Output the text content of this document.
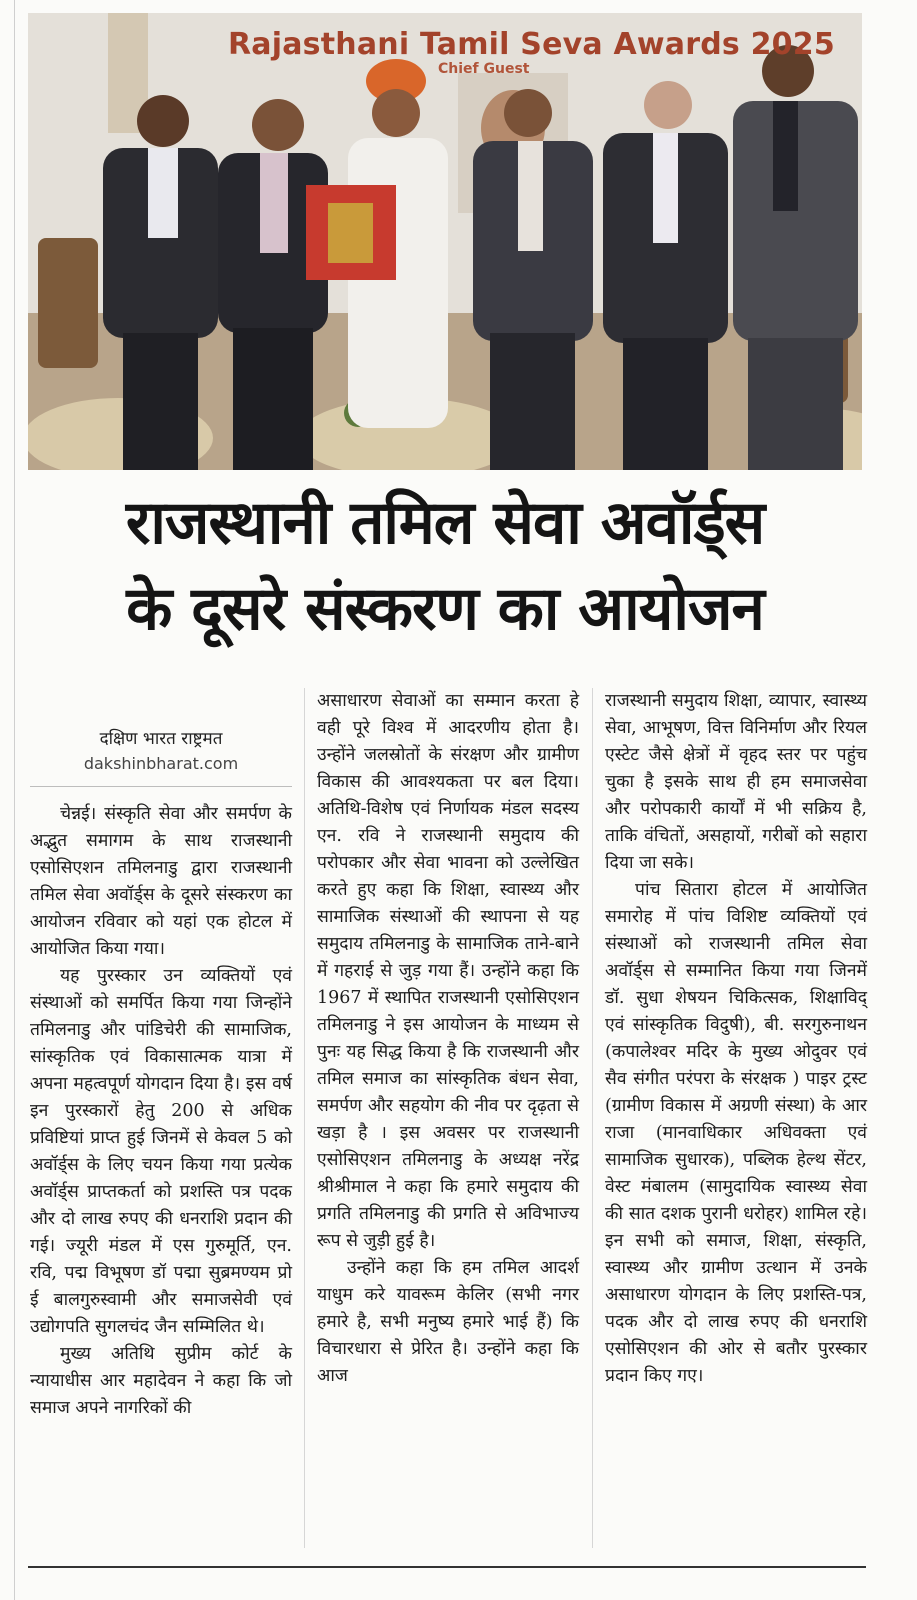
Rajasthani Tamil Seva Awards 2025
Chief Guest
राजस्थानी तमिल सेवा अवॉर्ड्स
के दूसरे संस्करण का आयोजन
दक्षिण भारत राष्ट्रमत
dakshinbharat.com

चेन्नई। संस्कृति सेवा और समर्पण के अद्भुत समागम के साथ राजस्थानी एसोसिएशन तमिलनाडु द्वारा राजस्थानी तमिल सेवा अवॉर्ड्स के दूसरे संस्करण का आयोजन रविवार को यहां एक होटल में आयोजित किया गया।

यह पुरस्कार उन व्यक्तियों एवं संस्थाओं को समर्पित किया गया जिन्होंने तमिलनाडु और पांडिचेरी की सामाजिक, सांस्कृतिक एवं विकासात्मक यात्रा में अपना महत्वपूर्ण योगदान दिया है। इस वर्ष इन पुरस्कारों हेतु 200 से अधिक प्रविष्टियां प्राप्त हुई जिनमें से केवल 5 को अवॉर्ड्स के लिए चयन किया गया प्रत्येक अवॉर्ड्स प्राप्तकर्ता को प्रशस्ति पत्र पदक और दो लाख रुपए की धनराशि प्रदान की गई। ज्यूरी मंडल में एस गुरुमूर्ति, एन. रवि, पद्म विभूषण डॉ पद्मा सुब्रमण्यम प्रो ई बालगुरुस्वामी और समाजसेवी एवं उद्योगपति सुगलचंद जैन सम्मिलित थे।

मुख्य अतिथि सुप्रीम कोर्ट के न्यायाधीस आर महादेवन ने कहा कि जो समाज अपने नागरिकों की

असाधारण सेवाओं का सम्मान करता हे वही पूरे विश्व में आदरणीय होता है। उन्होंने जलस्रोतों के संरक्षण और ग्रामीण विकास की आवश्यकता पर बल दिया। अतिथि-विशेष एवं निर्णायक मंडल सदस्य एन. रवि ने राजस्थानी समुदाय की परोपकार और सेवा भावना को उल्लेखित करते हुए कहा कि शिक्षा, स्वास्थ्य और सामाजिक संस्थाओं की स्थापना से यह समुदाय तमिलनाडु के सामाजिक ताने-बाने में गहराई से जुड़ गया हैं। उन्होंने कहा कि 1967 में स्थापित राजस्थानी एसोसिएशन तमिलनाडु ने इस आयोजन के माध्यम से पुनः यह सिद्ध किया है कि राजस्थानी और तमिल समाज का सांस्कृतिक बंधन सेवा, समर्पण और सहयोग की नीव पर दृढ़ता से खड़ा है । इस अवसर पर राजस्थानी एसोसिएशन तमिलनाडु के अध्यक्ष नरेंद्र श्रीश्रीमाल ने कहा कि हमारे समुदाय की प्रगति तमिलनाडु की प्रगति से अविभाज्य रूप से जुड़ी हुई है।

उन्होंने कहा कि हम तमिल आदर्श याधुम करे यावरूम केलिर (सभी नगर हमारे है, सभी मनुष्य हमारे भाई हैं) कि विचारधारा से प्रेरित है। उन्होंने कहा कि आज

राजस्थानी समुदाय शिक्षा, व्यापार, स्वास्थ्य सेवा, आभूषण, वित्त विनिर्माण और रियल एस्टेट जैसे क्षेत्रों में वृहद स्तर पर पहुंच चुका है इसके साथ ही हम समाजसेवा और परोपकारी कार्यों में भी सक्रिय है, ताकि वंचितों, असहायों, गरीबों को सहारा दिया जा सके।

पांच सितारा होटल में आयोजित समारोह में पांच विशिष्ट व्यक्तियों एवं संस्थाओं को राजस्थानी तमिल सेवा अवॉर्ड्स से सम्मानित किया गया जिनमें डॉ. सुधा शेषयन चिकित्सक, शिक्षाविद् एवं सांस्कृतिक विदुषी), बी. सरगुरुनाथन (कपालेश्वर मदिर के मुख्य ओदुवर एवं सैव संगीत परंपरा के संरक्षक ) पाइर ट्रस्ट (ग्रामीण विकास में अग्रणी संस्था) के आर राजा (मानवाधिकार अधिवक्ता एवं सामाजिक सुधारक), पब्लिक हेल्थ सेंटर, वेस्ट मंबालम (सामुदायिक स्वास्थ्य सेवा की सात दशक पुरानी धरोहर) शामिल रहे। इन सभी को समाज, शिक्षा, संस्कृति, स्वास्थ्य और ग्रामीण उत्थान में उनके असाधारण योगदान के लिए प्रशस्ति-पत्र, पदक और दो लाख रुपए की धनराशि एसोसिएशन की ओर से बतौर पुरस्कार प्रदान किए गए।
